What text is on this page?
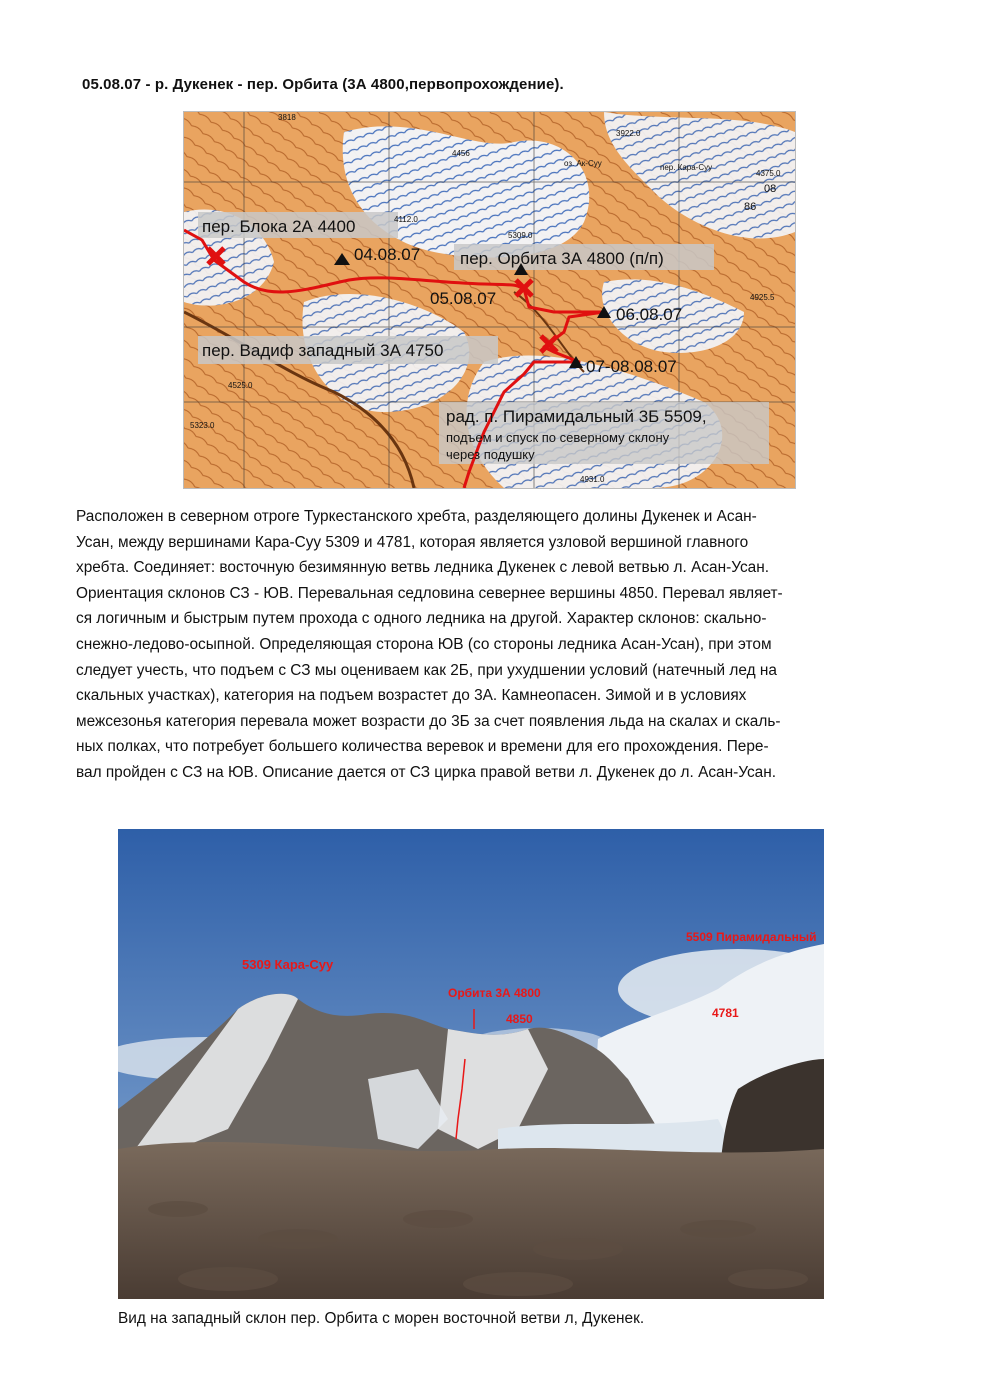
05.08.07 - р. Дукенек - пер. Орбита (3А 4800,первопрохождение).
пер. Блока 2А 4400
04.08.07 пер. Орбита 3А 4800 (п/п)
05.08.07
06.08.07
пер. Вадиф западный 3А 4750
07-08.08.07
рад. п. Пирамидальный 3Б 5509,
подъем и спуск по северному склону
через подушку
3922.0
4375.0
4456
4112.0
5309.0
4925.5
4525.0
5323.0
4931.0
3818
пер. Кара-Суу
оз. Ак-Суу
86
08

Расположен в северном отроге Туркестанского хребта, разделяющего долины Дукенек и Асан-

Усан, между вершинами Кара-Суу 5309 и 4781, которая является узловой вершиной главного

хребта. Соединяет: восточную безимянную ветвь ледника Дукенек с левой ветвью л. Асан-Усан.

Ориентация склонов СЗ - ЮВ. Перевальная седловина севернее вершины 4850. Перевал являет-

ся логичным и быстрым путем прохода с одного ледника на другой. Характер склонов: скально-

снежно-ледово-осыпной. Определяющая сторона ЮВ (со стороны ледника Асан-Усан), при этом

следует учесть, что подъем с СЗ мы оцениваем как 2Б, при ухудшении условий (натечный лед на

скальных участках), категория на подъем возрастет до 3А. Камнеопасен. Зимой и в условиях

межсезонья категория перевала может возрасти до 3Б за счет появления льда на скалах и скаль-

ных полках, что потребует большего количества веревок и времени для его прохождения. Пере-

вал пройден с СЗ на ЮВ. Описание дается от СЗ цирка правой ветви л. Дукенек до л. Асан-Усан.

5309 Кара-Суу
Орбита 3А 4800
4850
5509 Пирамидальный
4781
Вид на западный склон пер. Орбита с морен восточной ветви л, Дукенек.
